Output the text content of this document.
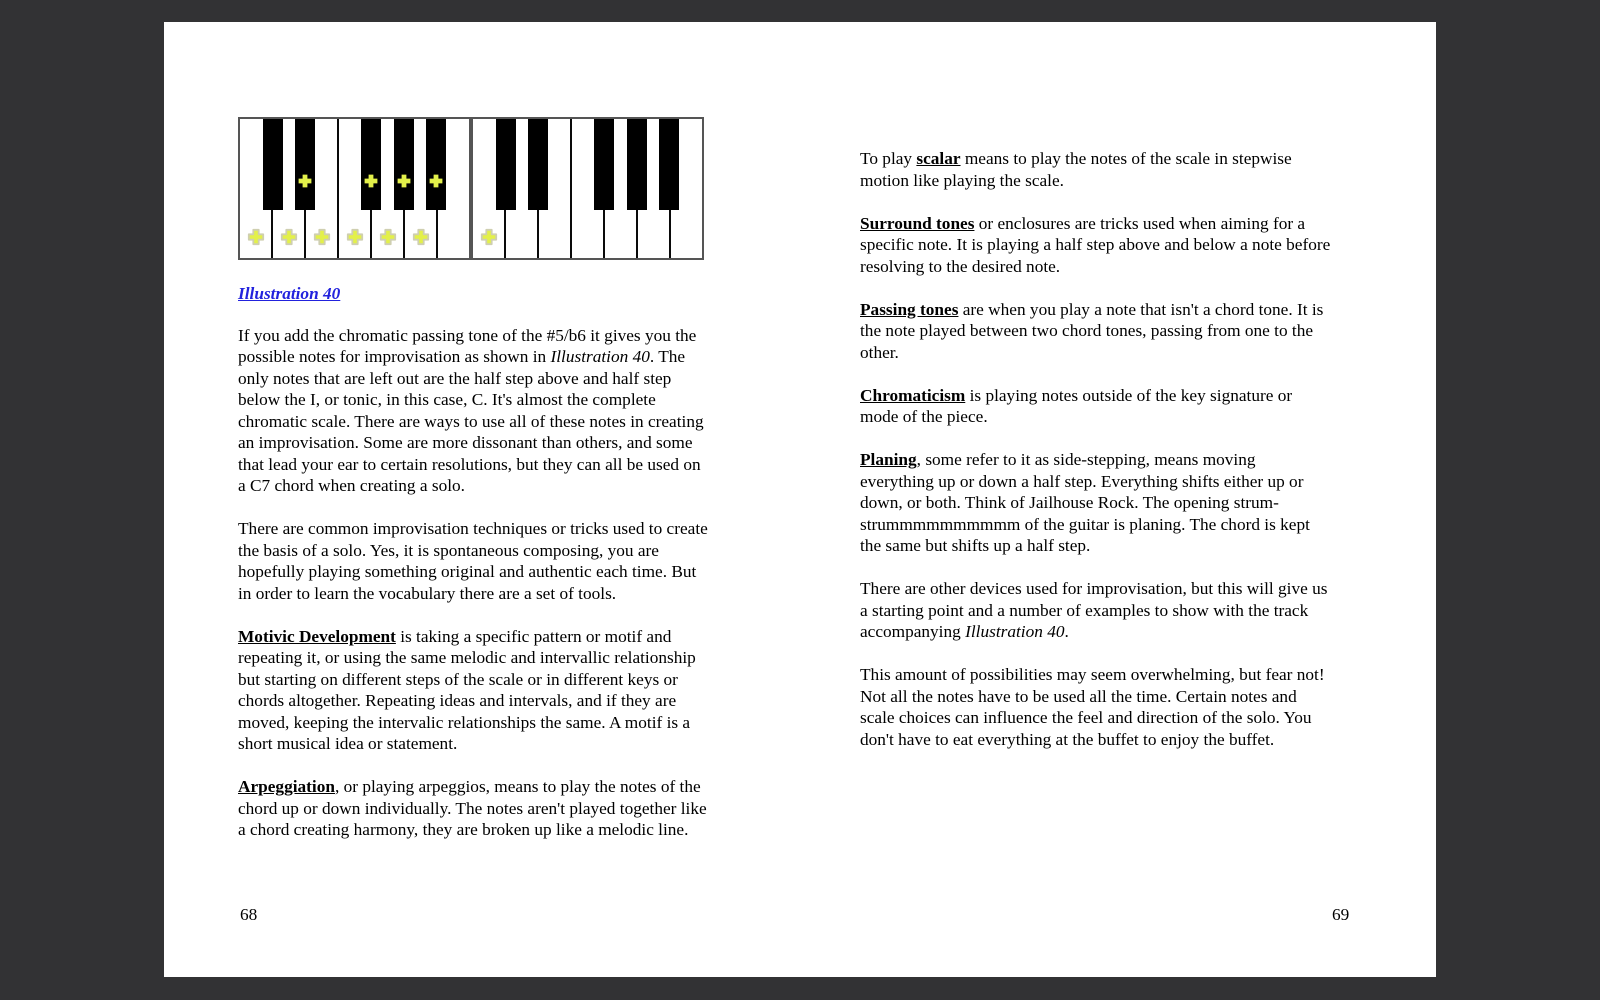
Illustration 40

If you add the chromatic passing tone of the #5/b6 it gives you the possible notes for improvisation as shown in Illustration 40. The only notes that are left out are the half step above and half step below the I, or tonic, in this case, C. It's almost the complete chromatic scale. There are ways to use all of these notes in creating an improvisation. Some are more dissonant than others, and some that lead your ear to certain resolutions, but they can all be used on a C7 chord when creating a solo.

There are common improvisation techniques or tricks used to create the basis of a solo. Yes, it is spontaneous composing, you are hopefully playing something original and authentic each time. But in order to learn the vocabulary there are a set of tools.

Motivic Development is taking a specific pattern or motif and repeating it, or using the same melodic and intervallic relationship but starting on different steps of the scale or in different keys or chords altogether. Repeating ideas and intervals, and if they are moved, keeping the intervalic relationships the same. A motif is a short musical idea or statement.

Arpeggiation, or playing arpeggios, means to play the notes of the chord up or down individually. The notes aren't played together like a chord creating harmony, they are broken up like a melodic line.

To play scalar means to play the notes of the scale in stepwise motion like playing the scale.

Surround tones or enclosures are tricks used when aiming for a specific note. It is playing a half step above and below a note before resolving to the desired note.

Passing tones are when you play a note that isn't a chord tone. It is the note played between two chord tones, passing from one to the other.

Chromaticism is playing notes outside of the key signature or mode of the piece.

Planing, some refer to it as side-stepping, means moving everything up or down a half step. Everything shifts either up or down, or both. Think of Jailhouse Rock. The opening strum-strummmmmmmmmm of the guitar is planing. The chord is kept the same but shifts up a half step.

There are other devices used for improvisation, but this will give us a starting point and a number of examples to show with the track accompanying Illustration 40.

This amount of possibilities may seem overwhelming, but fear not! Not all the notes have to be used all the time. Certain notes and scale choices can influence the feel and direction of the solo. You don't have to eat everything at the buffet to enjoy the buffet.

68	69
